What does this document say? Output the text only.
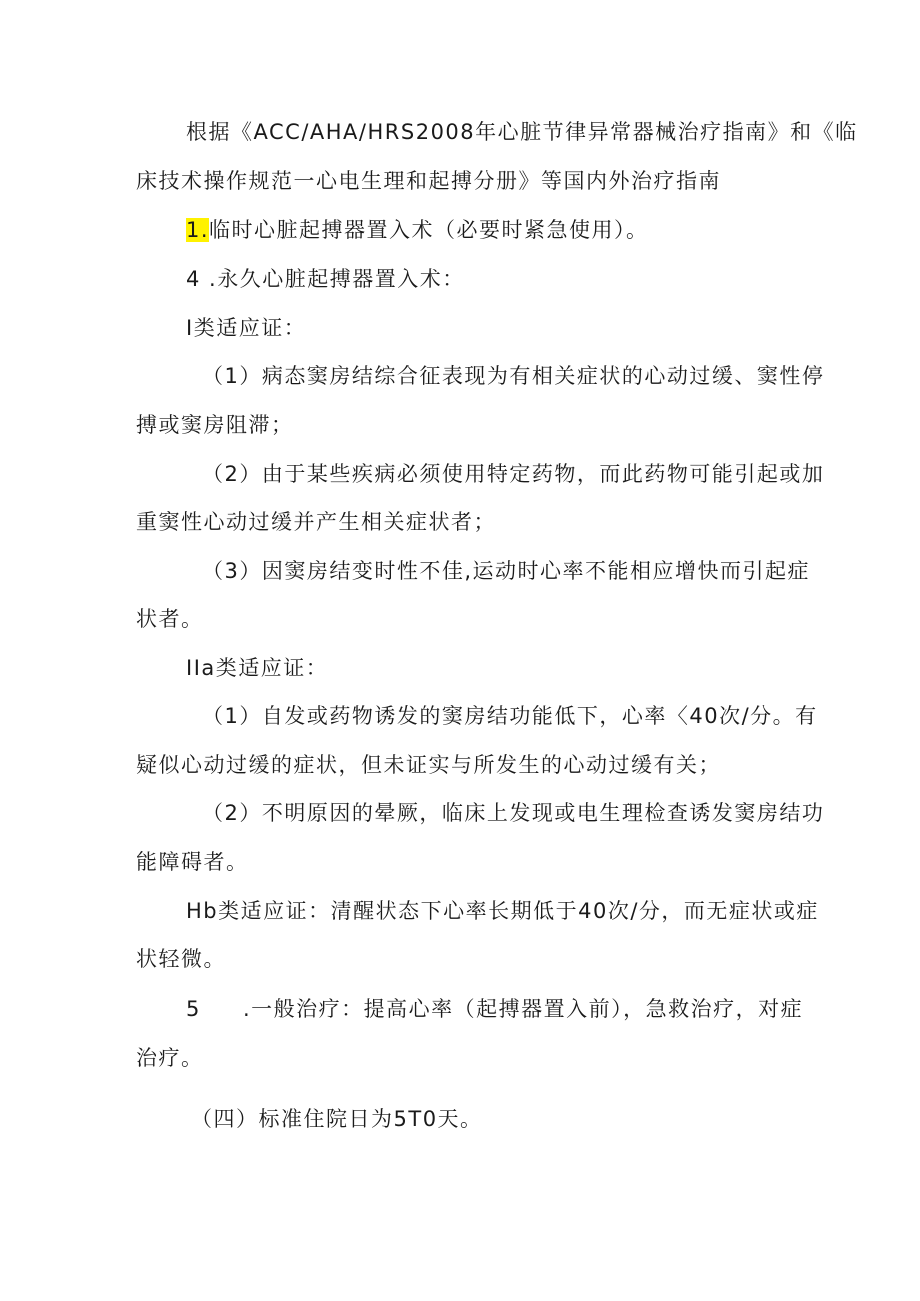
根据《ACC/AHA/HRS2008年心脏节律异常器械治疗指南》和《临
床技术操作规范一心电生理和起搏分册》等国内外治疗指南
1.临时心脏起搏器置入术（必要时紧急使用）。
4 .永久心脏起搏器置入术：
I类适应证：
（1）病态窦房结综合征表现为有相关症状的心动过缓、窦性停
搏或窦房阻滞；
（2）由于某些疾病必须使用特定药物，而此药物可能引起或加
重窦性心动过缓并产生相关症状者；
（3）因窦房结变时性不佳,运动时心率不能相应增快而引起症
状者。
IIa类适应证：
（1）自发或药物诱发的窦房结功能低下，心率〈40次/分。有
疑似心动过缓的症状，但未证实与所发生的心动过缓有关；
（2）不明原因的晕厥，临床上发现或电生理检查诱发窦房结功
能障碍者。
Hb类适应证：清醒状态下心率长期低于40次/分，而无症状或症
状轻微。
5 .一般治疗：提高心率（起搏器置入前），急救治疗，对症
治疗。
（四）标准住院日为5T0天。
